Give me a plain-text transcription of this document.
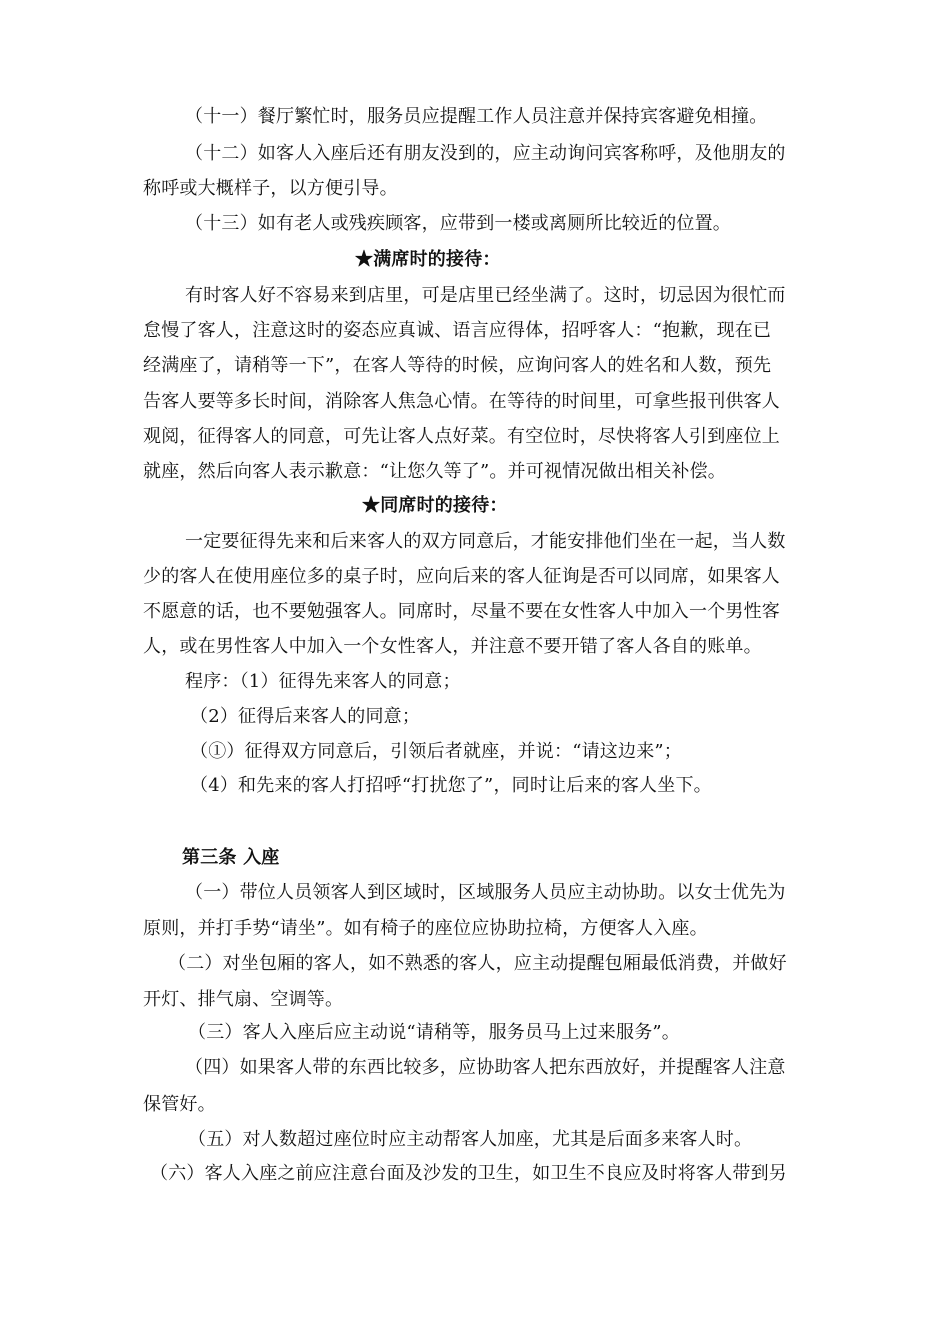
（十一）餐厅繁忙时，服务员应提醒工作人员注意并保持宾客避免相撞。
（十二）如客人入座后还有朋友没到的，应主动询问宾客称呼，及他朋友的
称呼或大概样子，以方便引导。
（十三）如有老人或残疾顾客，应带到一楼或离厕所比较近的位置。
★满席时的接待：
有时客人好不容易来到店里，可是店里已经坐满了。这时，切忌因为很忙而
怠慢了客人，注意这时的姿态应真诚、语言应得体，招呼客人：“抱歉，现在已
经满座了，请稍等一下”，在客人等待的时候，应询问客人的姓名和人数，预先
告客人要等多长时间，消除客人焦急心情。在等待的时间里，可拿些报刊供客人
观阅，征得客人的同意，可先让客人点好菜。有空位时，尽快将客人引到座位上
就座，然后向客人表示歉意：“让您久等了”。并可视情况做出相关补偿。
★同席时的接待：
一定要征得先来和后来客人的双方同意后，才能安排他们坐在一起，当人数
少的客人在使用座位多的桌子时，应向后来的客人征询是否可以同席，如果客人
不愿意的话，也不要勉强客人。同席时，尽量不要在女性客人中加入一个男性客
人，或在男性客人中加入一个女性客人，并注意不要开错了客人各自的账单。
程序：（1）征得先来客人的同意；
（2）征得后来客人的同意；
（①）征得双方同意后，引领后者就座，并说：“请这边来”；
（4）和先来的客人打招呼“打扰您了”，同时让后来的客人坐下。
第三条 入座
（一）带位人员领客人到区域时，区域服务人员应主动协助。以女士优先为
原则，并打手势“请坐”。如有椅子的座位应协助拉椅，方便客人入座。
（二）对坐包厢的客人，如不熟悉的客人，应主动提醒包厢最低消费，并做好
开灯、排气扇、空调等。
（三）客人入座后应主动说“请稍等，服务员马上过来服务”。
（四）如果客人带的东西比较多，应协助客人把东西放好，并提醒客人注意
保管好。
（五）对人数超过座位时应主动帮客人加座，尤其是后面多来客人时。
（六）客人入座之前应注意台面及沙发的卫生，如卫生不良应及时将客人带到另
